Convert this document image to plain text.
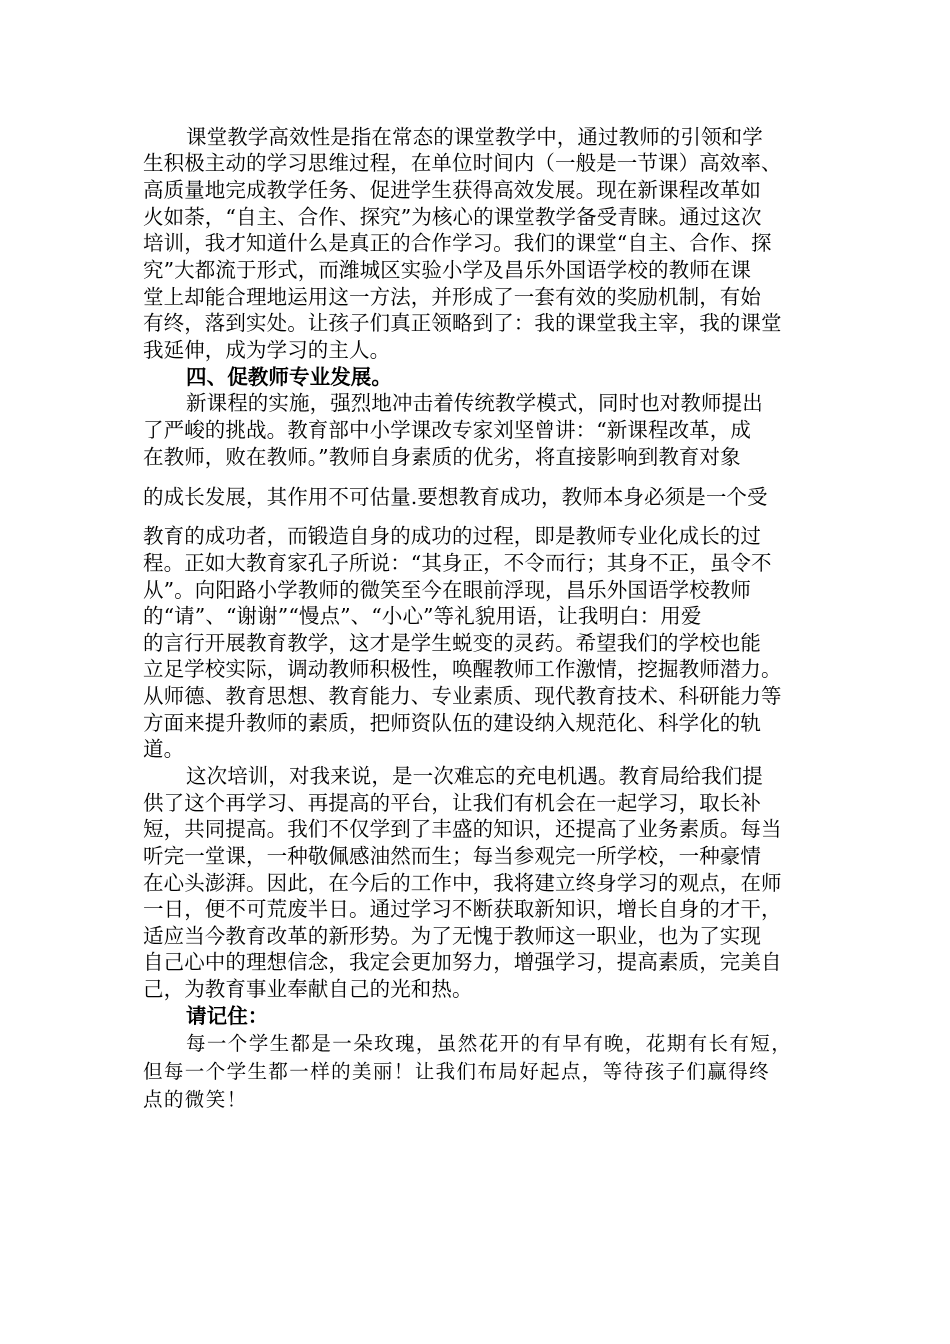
课堂教学高效性是指在常态的课堂教学中，通过教师的引领和学
生积极主动的学习思维过程，在单位时间内（一般是一节课）高效率、
高质量地完成教学任务、促进学生获得高效发展。现在新课程改革如
火如荼，“自主、合作、探究”为核心的课堂教学备受青睐。通过这次
培训，我才知道什么是真正的合作学习。我们的课堂“自主、合作、探
究”大都流于形式，而潍城区实验小学及昌乐外国语学校的教师在课
堂上却能合理地运用这一方法，并形成了一套有效的奖励机制，有始
有终，落到实处。让孩子们真正领略到了：我的课堂我主宰，我的课堂
我延伸，成为学习的主人。
四、促教师专业发展。
新课程的实施，强烈地冲击着传统教学模式，同时也对教师提出
了严峻的挑战。教育部中小学课改专家刘坚曾讲：“新课程改革，成
在教师，败在教师。”教师自身素质的优劣，将直接影响到教育对象
的成长发展，其作用不可估量.要想教育成功，教师本身必须是一个受
教育的成功者，而锻造自身的成功的过程，即是教师专业化成长的过
程。正如大教育家孔子所说：“其身正，不令而行；其身不正，虽令不
从”。向阳路小学教师的微笑至今在眼前浮现，昌乐外国语学校教师
的“请”、“谢谢”“慢点”、“小心”等礼貌用语，让我明白：用爱
的言行开展教育教学，这才是学生蜕变的灵药。希望我们的学校也能
立足学校实际，调动教师积极性，唤醒教师工作激情，挖掘教师潜力。
从师德、教育思想、教育能力、专业素质、现代教育技术、科研能力等
方面来提升教师的素质，把师资队伍的建设纳入规范化、科学化的轨
道。
这次培训，对我来说，是一次难忘的充电机遇。教育局给我们提
供了这个再学习、再提高的平台，让我们有机会在一起学习，取长补
短，共同提高。我们不仅学到了丰盛的知识，还提高了业务素质。每当
听完一堂课，一种敬佩感油然而生；每当参观完一所学校，一种豪情
在心头澎湃。因此，在今后的工作中，我将建立终身学习的观点，在师
一日，便不可荒废半日。通过学习不断获取新知识，增长自身的才干，
适应当今教育改革的新形势。为了无愧于教师这一职业，也为了实现
自己心中的理想信念，我定会更加努力，增强学习，提高素质，完美自
己，为教育事业奉献自己的光和热。
请记住：
每一个学生都是一朵玫瑰，虽然花开的有早有晚，花期有长有短，
但每一个学生都一样的美丽！让我们布局好起点，等待孩子们赢得终
点的微笑！
